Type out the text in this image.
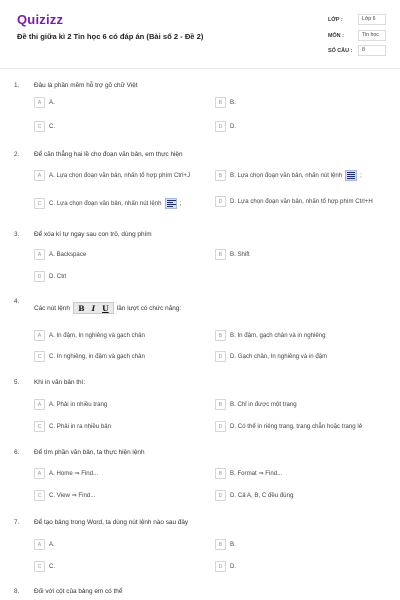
Quizizz
Đề thi giữa kì 2 Tin học 6 có đáp án (Bài số 2 - Đề 2)
LỚP :	Lớp 6
MÔN :	Tin học
SỐ CÂU :	8
1. Đâu là phần mềm hỗ trợ gõ chữ Việt
A	A.	B	B.
C	C.	D	D.
2. Để căn thẳng hai lề cho đoạn văn bản, em thực hiện
A	A. Lựa chọn đoạn văn bản, nhấn tổ hợp phím Ctrl+J	B	B. Lựa chọn đoạn văn bản, nhấn nút lệnh	;
C	C. Lựa chọn đoạn văn bản, nhấn nút lệnh	;	D	D. Lựa chọn đoạn văn bản, nhấn tổ hợp phím Ctrl+H
3. Để xóa kí tự ngay sau con trỏ, dùng phím
A	A. Backspace	B	B. Shift
D	D. Ctrl
4.
Các nút lệnh	B I U	lần lượt có chức năng:
A	A. In đậm, In nghiêng và gạch chân	B	B. In đậm, gạch chân và in nghiêng
C	C. In nghiêng, in đậm và gạch chân	D	D. Gạch chân, In nghiêng và in đậm
5. Khi in văn bản thì:
A	A. Phải in nhiều trang	B	B. Chỉ in được một trang
C	C. Phải in ra nhiều bản	D	D. Có thể in riêng trang, trang chẵn hoặc trang lẻ
6. Để tìm phần văn bản, ta thực hiện lệnh
A	A. Home ⇒ Find...	B	B. Format ⇒ Find...
C	C. View ⇒ Find...	D	D. Cả A, B, C đều đúng
7. Để tạo bảng trong Word, ta dùng nút lệnh nào sau đây
A	A.	B	B.
C	C.	D	D.
8. Đối với cột của bảng em có thể
